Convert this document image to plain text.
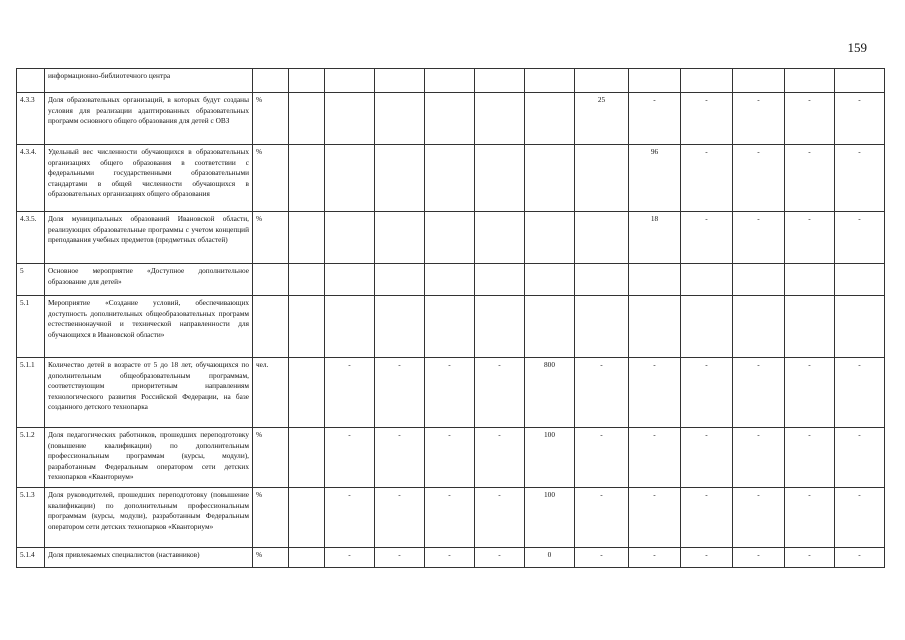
159
	информационно-библиотечного центра													
4.3.3	Доля образовательных организаций, в которых будут созданы условия для реализации адаптированных образовательных программ основного общего образования для детей с ОВЗ	%							25	-	-	-	-	-
4.3.4.	Удельный вес численности обучающихся в образовательных организациях общего образования в соответствии с федеральными государственными образовательными стандартами в общей численности обучающихся в образовательных организациях общего образования	%								96	-	-	-	-
4.3.5.	Доля муниципальных образований Ивановской области, реализующих образовательные программы с учетом концепций преподавания учебных предметов (предметных областей)	%								18	-	-	-	-
5	Основное мероприятие «Доступное дополнительное образование для детей»													
5.1	Мероприятие «Создание условий, обеспечивающих доступность дополнительных общеобразовательных программ естественнонаучной и технической направленности для обучающихся в Ивановской области»													
5.1.1	Количество детей в возрасте от 5 до 18 лет, обучающихся по дополнительным общеобразовательным программам, соответствующим приоритетным направлениям технологического развития Российской Федерации, на базе созданного детского технопарка	чел.		-	-	-	-	800	-	-	-	-	-	-
5.1.2	Доля педагогических работников, прошедших переподготовку (повышение квалификации) по дополнительным профессиональным программам (курсы, модули), разработанным Федеральным оператором сети детских технопарков «Кванториум»	%		-	-	-	-	100	-	-	-	-	-	-
5.1.3	Доля руководителей, прошедших переподготовку (повышение квалификации) по дополнительным профессиональным программам (курсы, модули), разработанным Федеральным оператором сети детских технопарков «Кванториум»	%		-	-	-	-	100	-	-	-	-	-	-
5.1.4	Доля привлекаемых специалистов (наставников)	%		-	-	-	-	0	-	-	-	-	-	-
